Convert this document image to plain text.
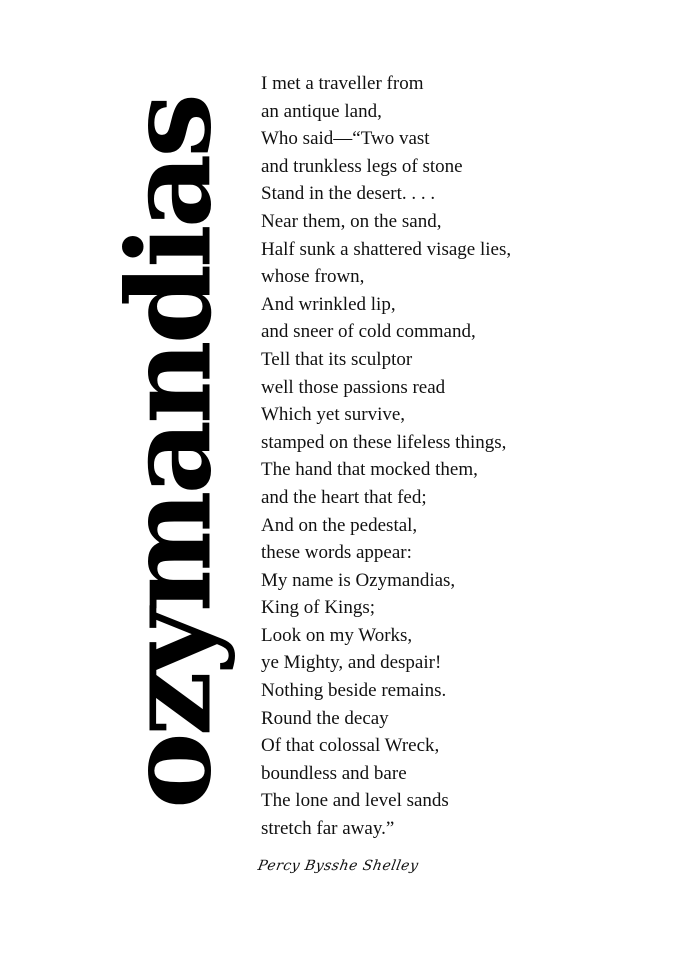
ozymandias
I met a traveller from
an antique land,
Who said—“Two vast
and trunkless legs of stone
Stand in the desert. . . .
Near them, on the sand,
Half sunk a shattered visage lies,
whose frown,
And wrinkled lip,
and sneer of cold command,
Tell that its sculptor
well those passions read
Which yet survive,
stamped on these lifeless things,
The hand that mocked them,
and the heart that fed;
And on the pedestal,
these words appear:
My name is Ozymandias,
King of Kings;
Look on my Works,
ye Mighty, and despair!
Nothing beside remains.
Round the decay
Of that colossal Wreck,
boundless and bare
The lone and level sands
stretch far away.”
Percy Bysshe Shelley
